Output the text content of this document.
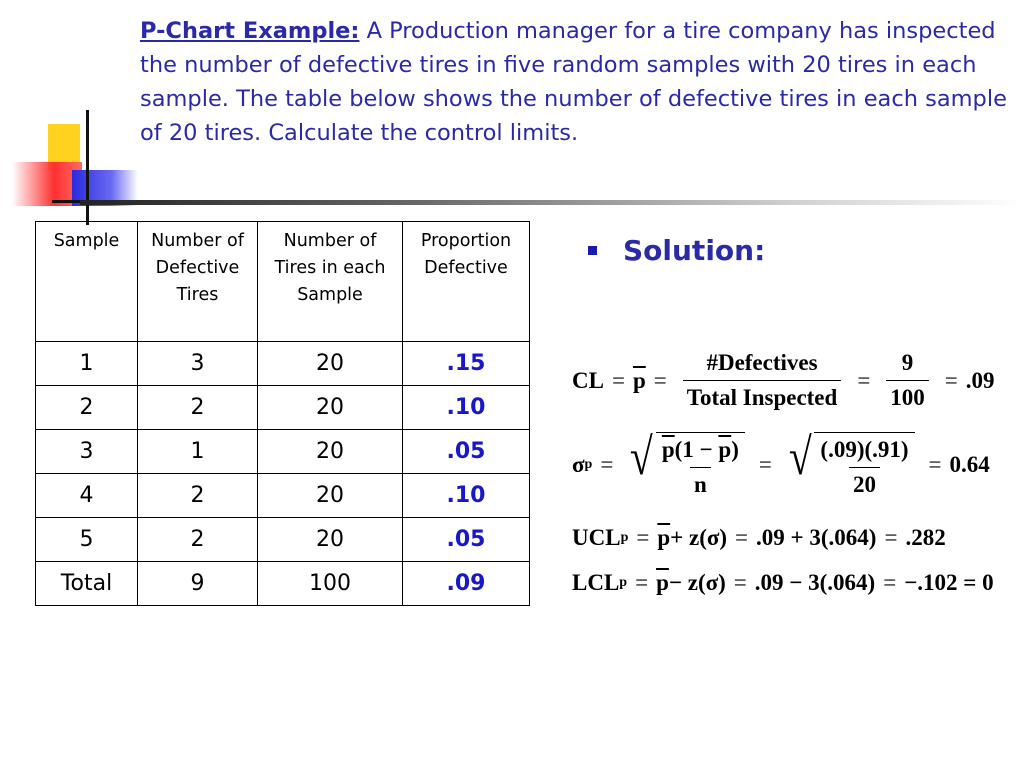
P-Chart Example: A Production manager for a tire company has inspected the number of defective tires in five random samples with 20 tires in each sample. The table below shows the number of defective tires in each sample of 20 tires. Calculate the control limits.
Sample	Number of Defective Tires	Number of Tires in each Sample	Proportion Defective
1	3	20	.15
2	2	20	.10
3	1	20	.05
4	2	20	.10
5	2	20	.05
Total	9	100	.09
Solution:
CL = $\overline{p} = \frac{\text{\#Defectives}}{\text{Total Inspected}} = \frac{9}{100} = .09$
σ p = √ $\frac{p(1 - \overline{p})}{n}$ = √ $\frac{(.09)(.91)}{20} = 0.64$
UCL $p = \overline{p} + z(\sigma) = .09 + 3(.064) = .282$
LCL $p = \overline{p} - z(\sigma) = .09 - 3(.064) = -.102 = 0$
